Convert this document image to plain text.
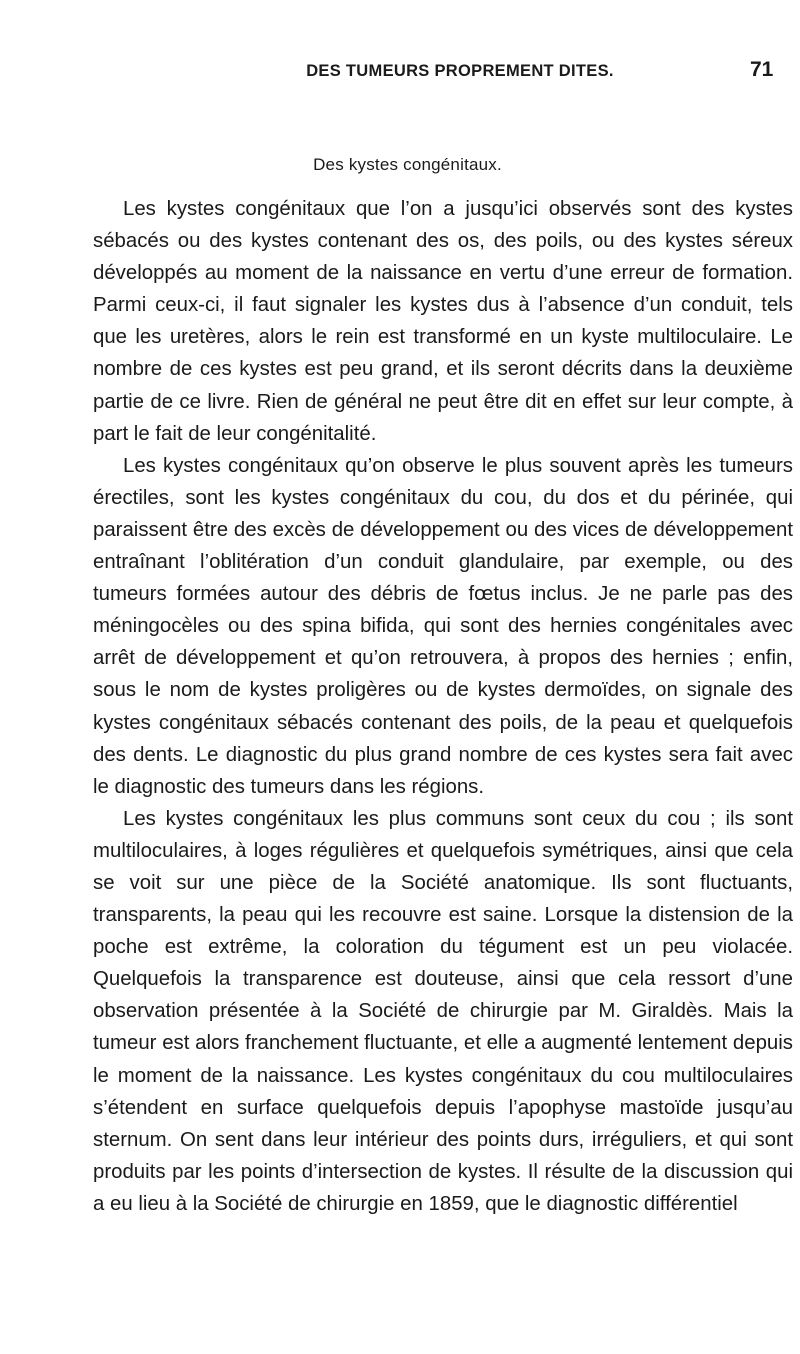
DES TUMEURS PROPREMENT DITES.	71
Des kystes congénitaux.

Les kystes congénitaux que l’on a jusqu’ici observés sont des kystes sébacés ou des kystes contenant des os, des poils, ou des kystes séreux développés au moment de la naissance en vertu d’une erreur de formation. Parmi ceux-ci, il faut signaler les kystes dus à l’absence d’un conduit, tels que les uretères, alors le rein est transformé en un kyste multiloculaire. Le nombre de ces kystes est peu grand, et ils seront décrits dans la deuxième partie de ce livre. Rien de général ne peut être dit en effet sur leur compte, à part le fait de leur congénitalité.

Les kystes congénitaux qu’on observe le plus souvent après les tumeurs érectiles, sont les kystes congénitaux du cou, du dos et du périnée, qui paraissent être des excès de développement ou des vices de développement entraînant l’oblitération d’un conduit glandulaire, par exemple, ou des tumeurs formées autour des débris de fœtus inclus. Je ne parle pas des méningocèles ou des spina bifida, qui sont des hernies congénitales avec arrêt de développement et qu’on retrouvera, à propos des hernies ; enfin, sous le nom de kystes proligères ou de kystes dermoïdes, on signale des kystes congénitaux sébacés contenant des poils, de la peau et quelquefois des dents. Le diagnostic du plus grand nombre de ces kystes sera fait avec le diagnostic des tumeurs dans les régions.

Les kystes congénitaux les plus communs sont ceux du cou ; ils sont multiloculaires, à loges régulières et quelquefois symétriques, ainsi que cela se voit sur une pièce de la Société anatomique. Ils sont fluctuants, transparents, la peau qui les recouvre est saine. Lorsque la distension de la poche est extrême, la coloration du tégument est un peu violacée. Quelquefois la transparence est douteuse, ainsi que cela ressort d’une observation présentée à la Société de chirurgie par M. Giraldès. Mais la tumeur est alors franchement fluctuante, et elle a augmenté lentement depuis le moment de la naissance. Les kystes congénitaux du cou multiloculaires s’étendent en surface quelquefois depuis l’apophyse mastoïde jusqu’au sternum. On sent dans leur intérieur des points durs, irréguliers, et qui sont produits par les points d’intersection de kystes. Il résulte de la discussion qui a eu lieu à la Société de chirurgie en 1859, que le diagnostic différentiel
